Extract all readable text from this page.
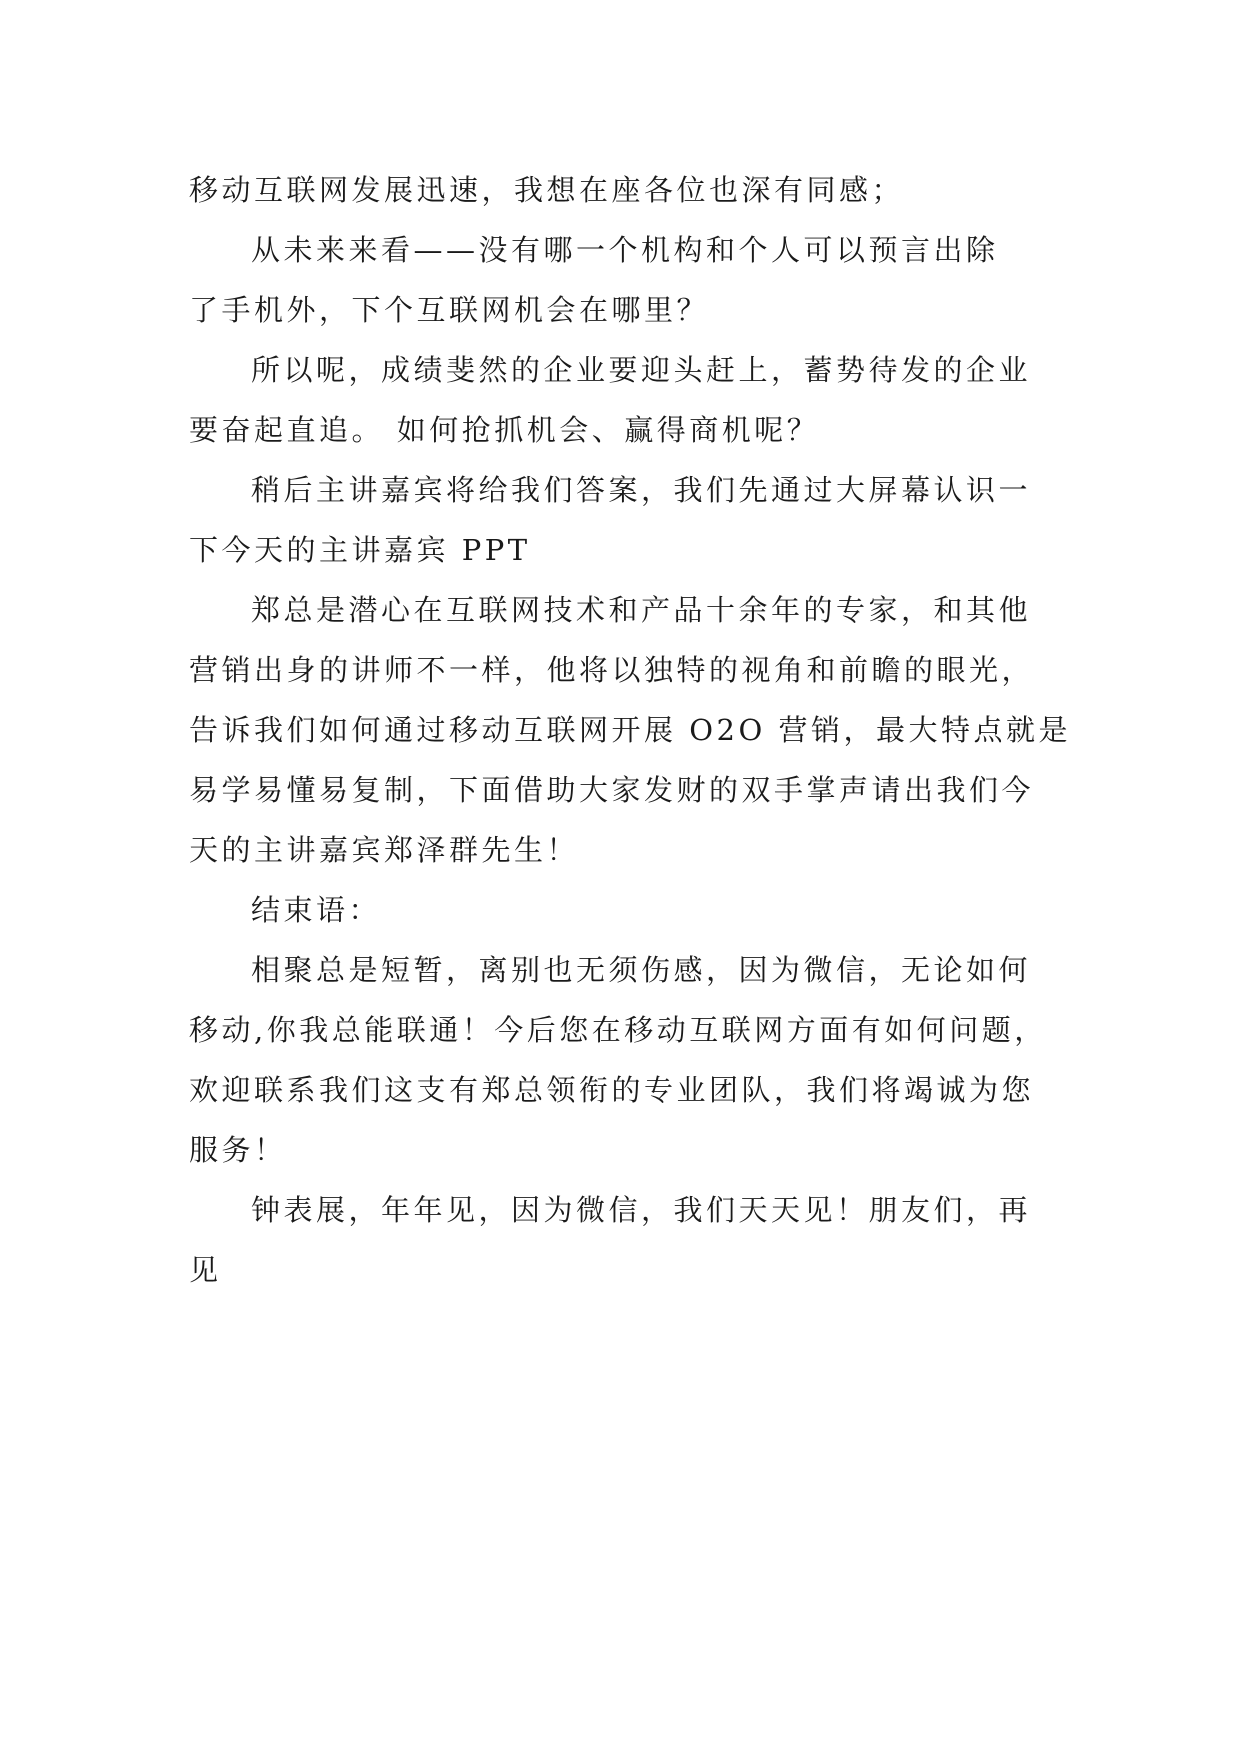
移动互联网发展迅速，我想在座各位也深有同感；

从未来来看——没有哪一个机构和个人可以预言出除
了手机外，下个互联网机会在哪里？

所以呢，成绩斐然的企业要迎头赶上，蓄势待发的企业
要奋起直追。 如何抢抓机会、赢得商机呢？

稍后主讲嘉宾将给我们答案，我们先通过大屏幕认识一
下今天的主讲嘉宾 PPT

郑总是潜心在互联网技术和产品十余年的专家，和其他
营销出身的讲师不一样，他将以独特的视角和前瞻的眼光，
告诉我们如何通过移动互联网开展 O2O 营销，最大特点就是
易学易懂易复制，下面借助大家发财的双手掌声请出我们今
天的主讲嘉宾郑泽群先生！

结束语：

相聚总是短暂，离别也无须伤感，因为微信，无论如何
移动,你我总能联通！今后您在移动互联网方面有如何问题，
欢迎联系我们这支有郑总领衔的专业团队，我们将竭诚为您
服务！

钟表展，年年见，因为微信，我们天天见！朋友们，再
见
